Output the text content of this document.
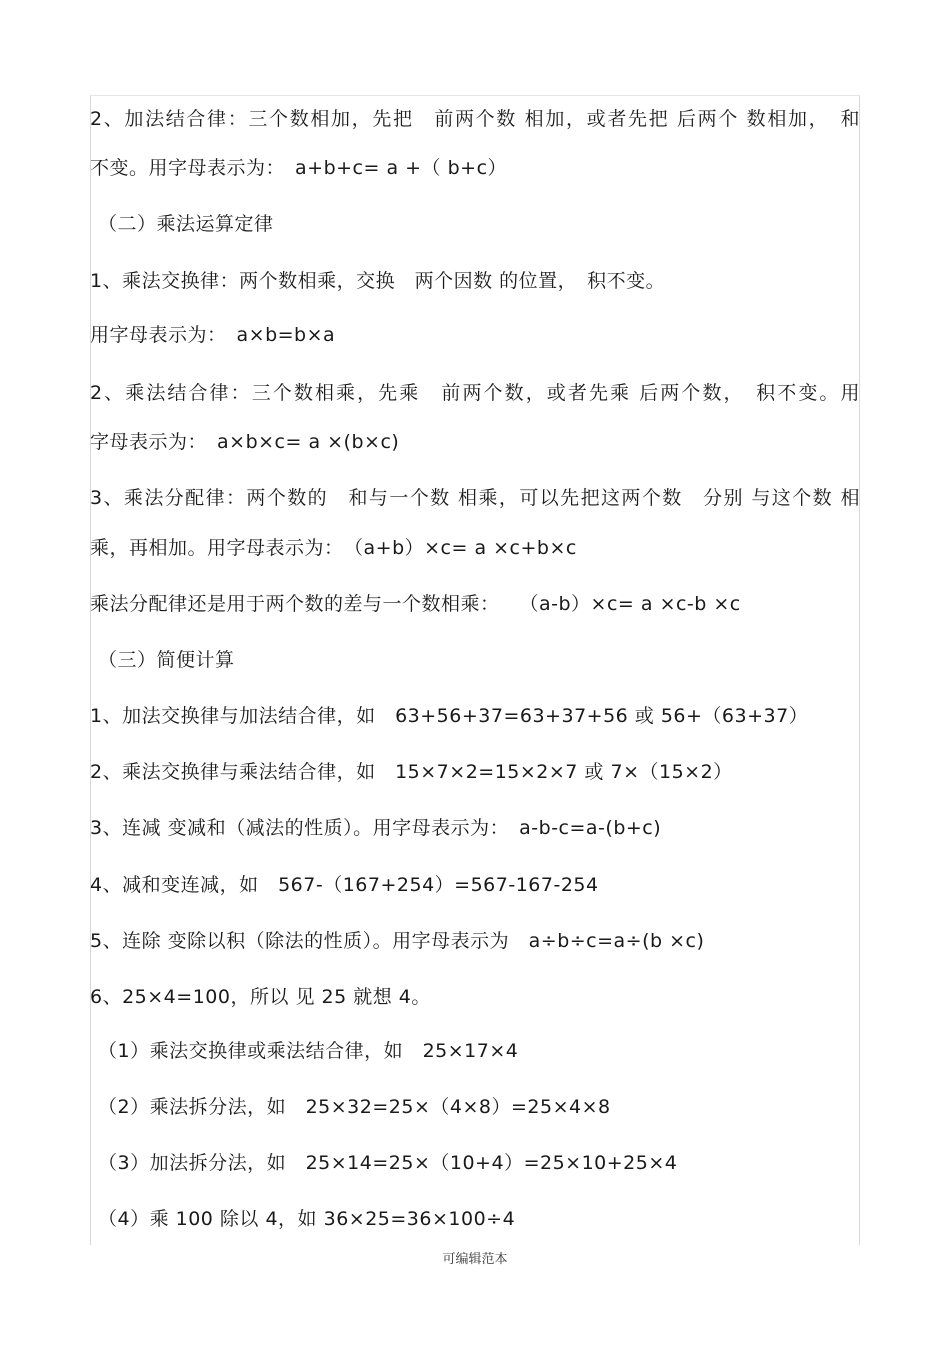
2、加法结合律：三个数相加，先把　前两个数 相加，或者先把 后两个 数相加，　和
不变。用字母表示为：　a+b+c= a +（ b+c）
（二）乘法运算定律
1、乘法交换律：两个数相乘，交换　两个因数 的位置，　积不变。
用字母表示为：　a×b=b×a
2、乘法结合律：三个数相乘，先乘　前两个数，或者先乘 后两个数，　积不变。用
字母表示为：　a×b×c= a ×(b×c)
3、乘法分配律：两个数的　和与一个数 相乘，可以先把这两个数　分别 与这个数 相
乘，再相加。用字母表示为：　（a+b）×c= a ×c+b×c
乘法分配律还是用于两个数的差与一个数相乘：　　（a-b）×c= a ×c-b ×c
（三）简便计算
1、加法交换律与加法结合律，如　63+56+37=63+37+56 或 56+（63+37）
2、乘法交换律与乘法结合律，如　15×7×2=15×2×7 或 7×（15×2）
3、连减 变减和（减法的性质）。用字母表示为：　a-b-c=a-(b+c)
4、减和变连减，如　567-（167+254）=567-167-254
5、连除 变除以积（除法的性质）。用字母表示为　a÷b÷c=a÷(b ×c)
6、25×4=100，所以 见 25 就想 4。
（1）乘法交换律或乘法结合律，如　25×17×4
（2）乘法拆分法，如　25×32=25×（4×8）=25×4×8
（3）加法拆分法，如　25×14=25×（10+4）=25×10+25×4
（4）乘 100 除以 4，如 36×25=36×100÷4
可编辑范本
